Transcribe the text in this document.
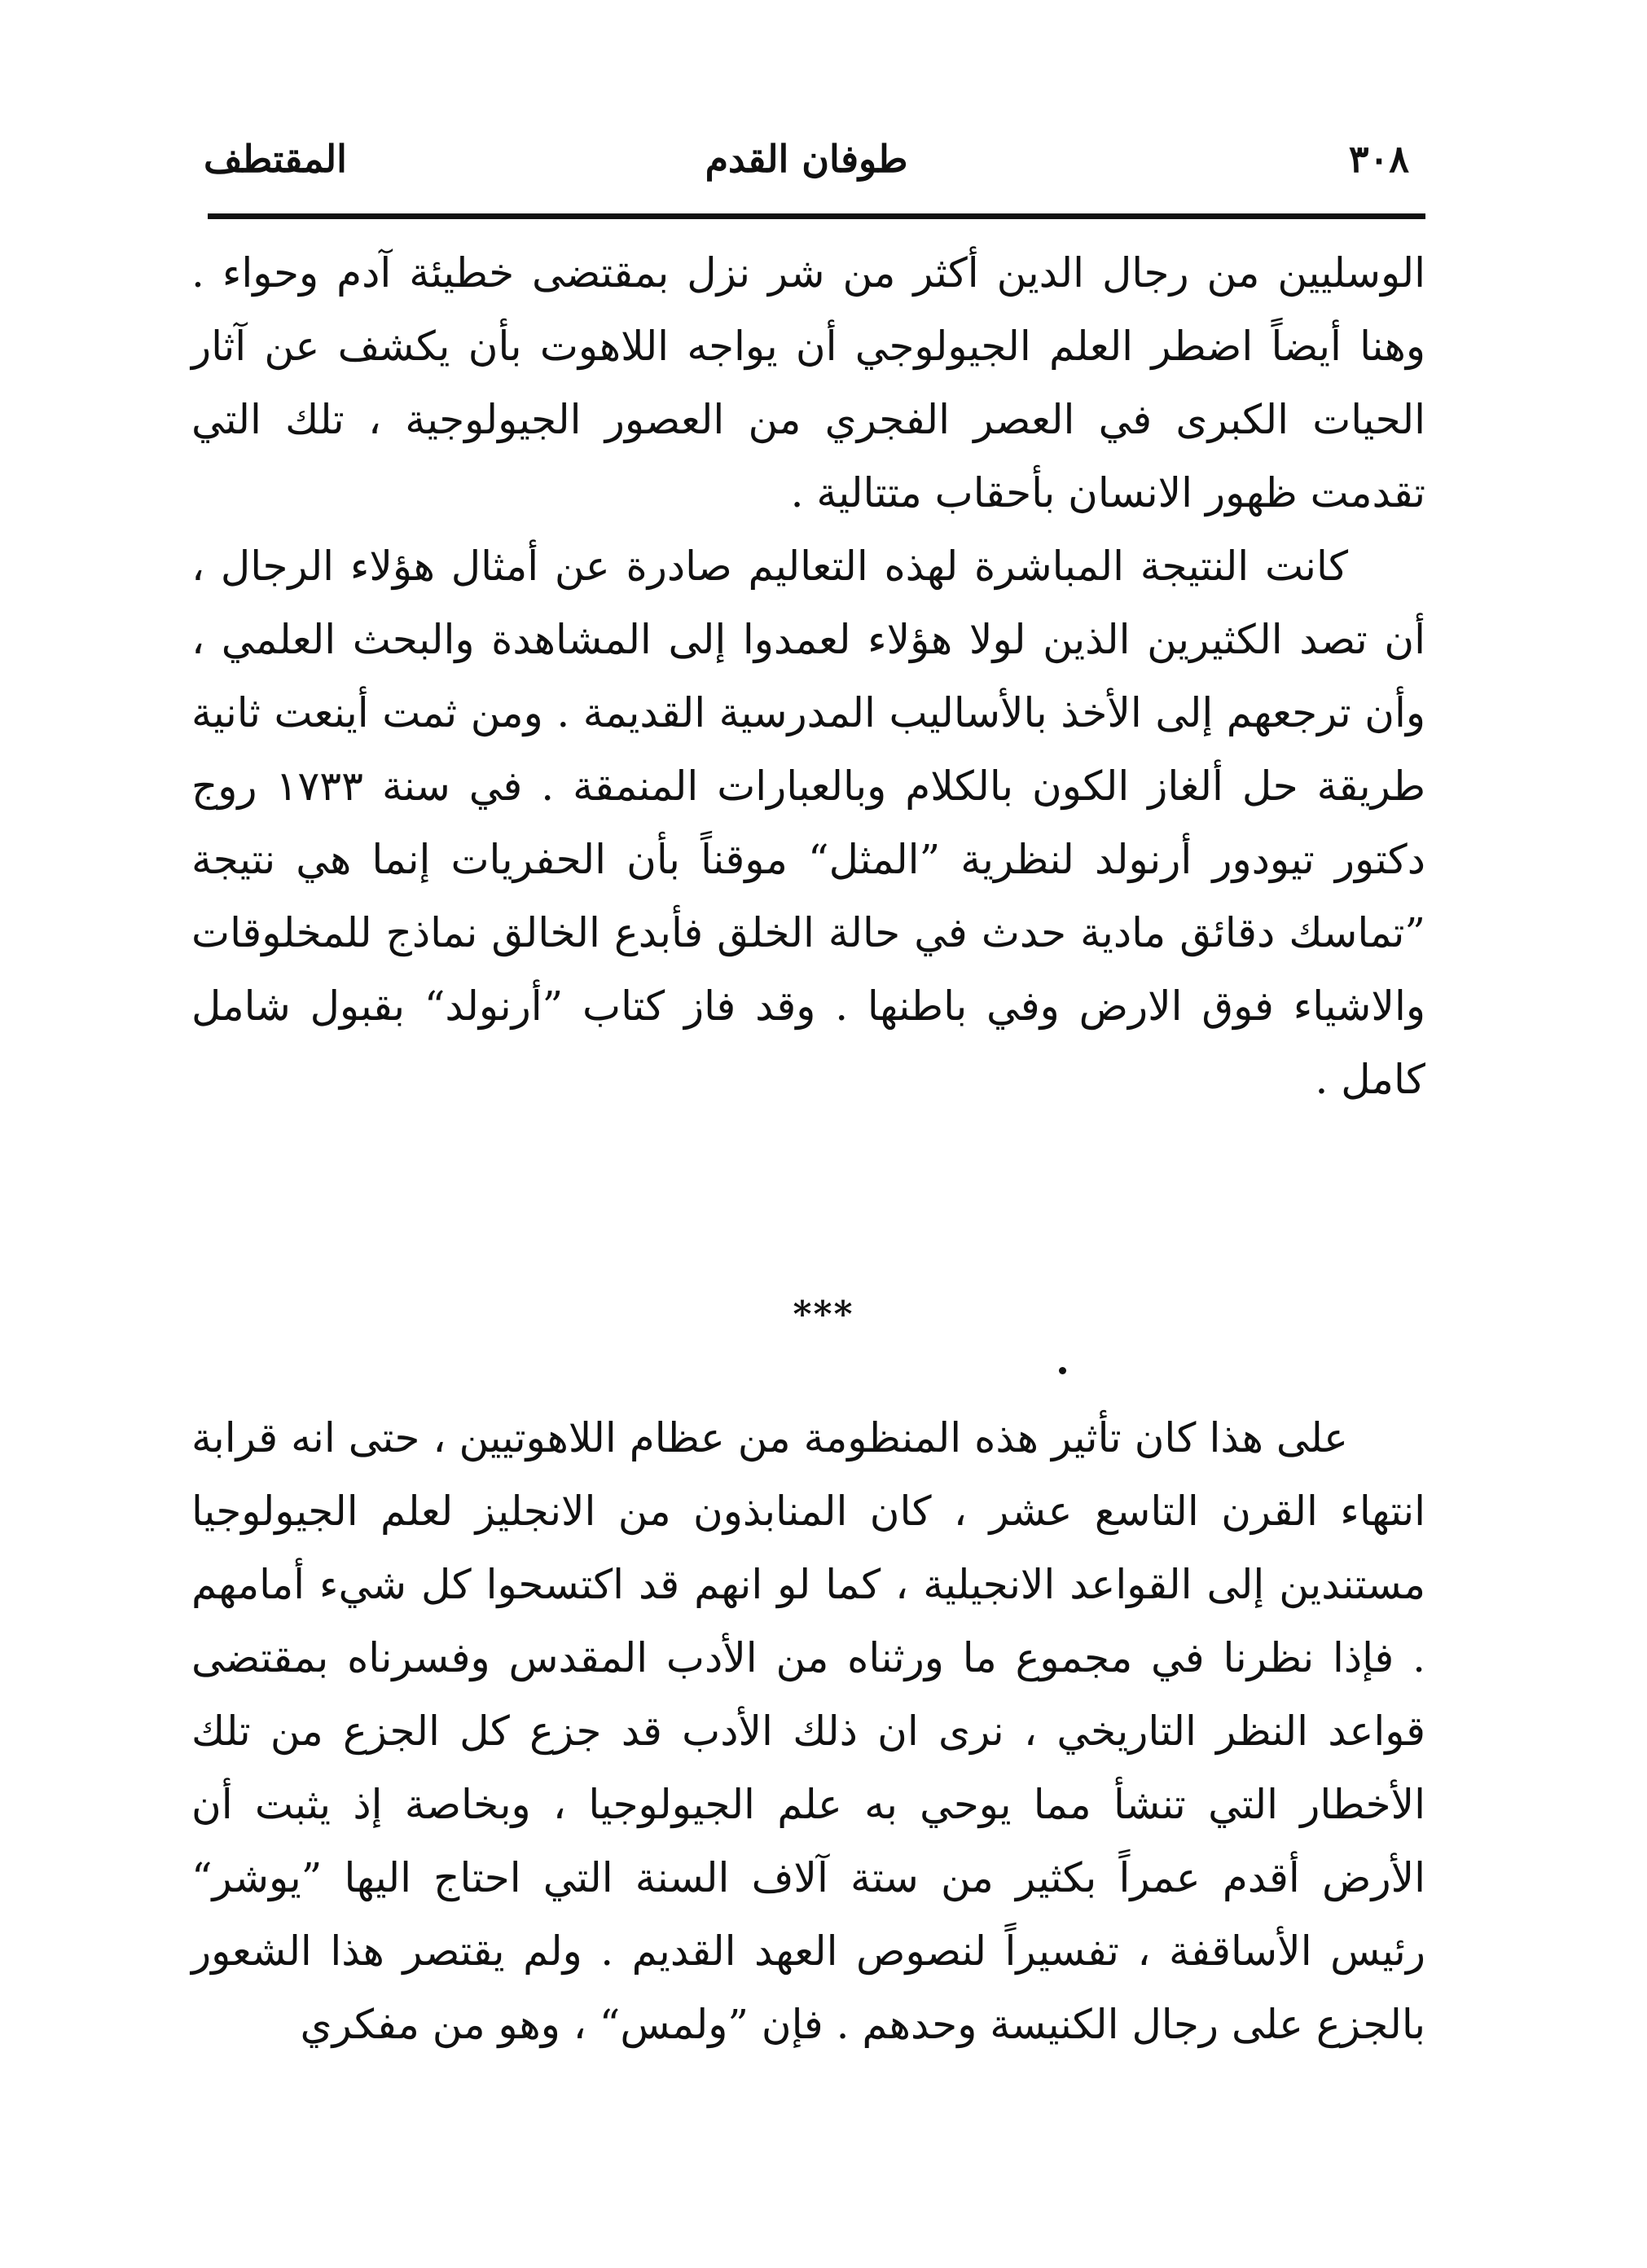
٣٠٨
طوفان القدم
المقتطف

الوسليين من رجال الدين أكثر من شر نزل بمقتضى خطيئة آدم وحواء . وهنا أيضاً اضطر العلم الجيولوجي أن يواجه اللاهوت بأن يكشف عن آثار الحيات الكبرى في العصر الفجري من العصور الجيولوجية ، تلك التي تقدمت ظهور الانسان بأحقاب متتالية .

كانت النتيجة المباشرة لهذه التعاليم صادرة عن أمثال هؤلاء الرجال ، أن تصد الكثيرين الذين لولا هؤلاء لعمدوا إلى المشاهدة والبحث العلمي ، وأن ترجعهم إلى الأخذ بالأساليب المدرسية القديمة . ومن ثمت أينعت ثانية طريقة حل ألغاز الكون بالكلام وبالعبارات المنمقة . في سنة ١٧٣٣ روج دكتور تيودور أرنولد لنظرية ”المثل“ موقناً بأن الحفريات إنما هي نتيجة ”تماسك دقائق مادية حدث في حالة الخلق فأبدع الخالق نماذج للمخلوقات والاشياء فوق الارض وفي باطنها . وقد فاز كتاب ”أرنولد“ بقبول شامل كامل .

***

على هذا كان تأثير هذه المنظومة من عظام اللاهوتيين ، حتى انه قرابة انتهاء القرن التاسع عشر ، كان المنابذون من الانجليز لعلم الجيولوجيا مستندين إلى القواعد الانجيلية ، كما لو انهم قد اكتسحوا كل شيء أمامهم . فإذا نظرنا في مجموع ما ورثناه من الأدب المقدس وفسرناه بمقتضى قواعد النظر التاريخي ، نرى ان ذلك الأدب قد جزع كل الجزع من تلك الأخطار التي تنشأ مما يوحي به علم الجيولوجيا ، وبخاصة إذ يثبت أن الأرض أقدم عمراً بكثير من ستة آلاف السنة التي احتاج اليها ”يوشر“ رئيس الأساقفة ، تفسيراً لنصوص العهد القديم . ولم يقتصر هذا الشعور بالجزع على رجال الكنيسة وحدهم . فإن ”ولمس“ ، وهو من مفكري
